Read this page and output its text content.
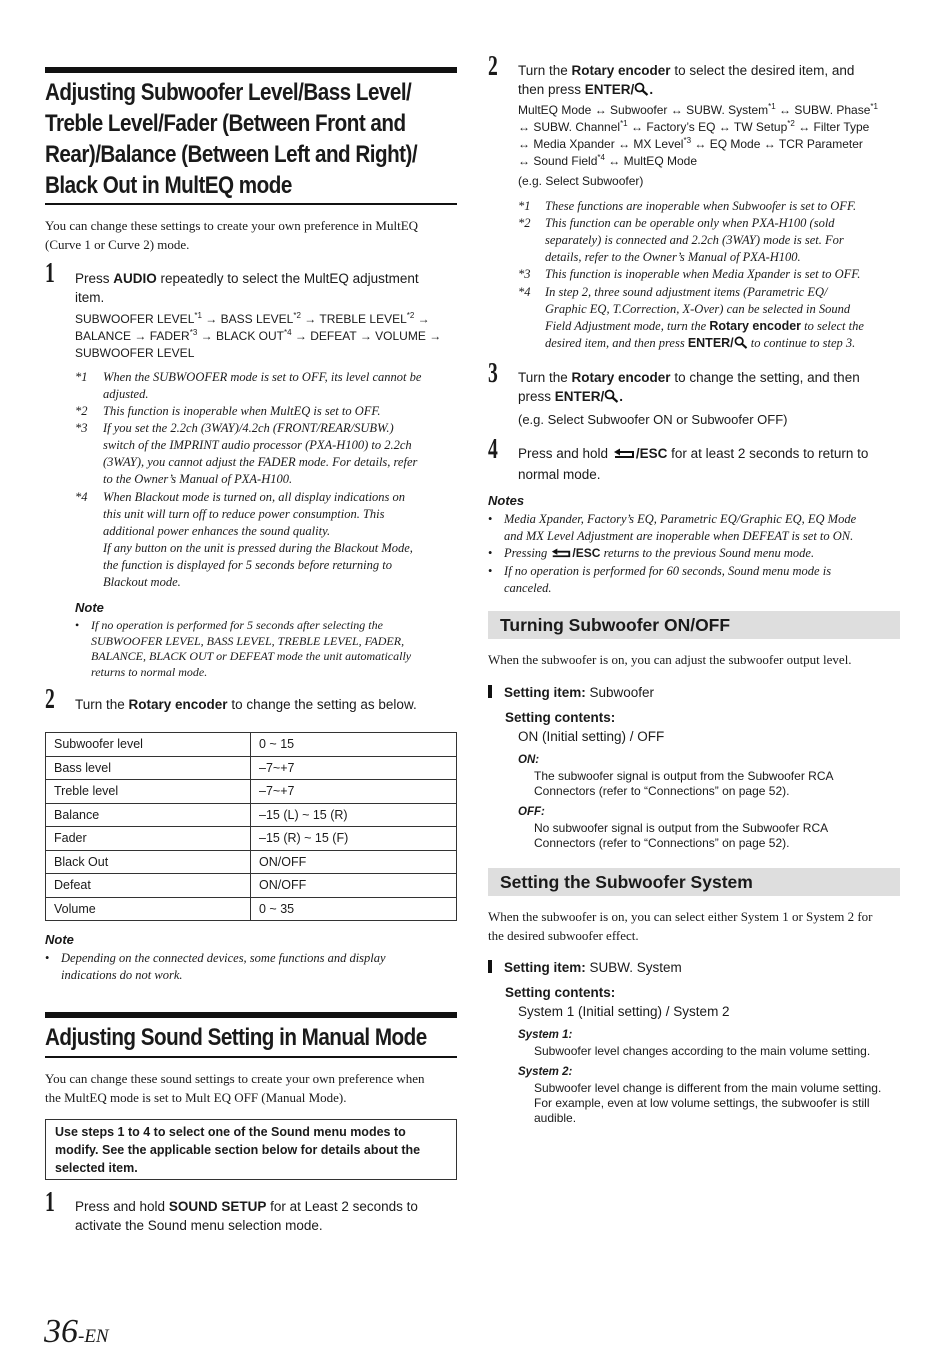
Adjusting Subwoofer Level/Bass Level/
Treble Level/Fader (Between Front and
Rear)/Balance (Between Left and Right)/
Black Out in MultEQ mode
You can change these settings to create your own preference in MultEQ
(Curve 1 or Curve 2) mode.
1 Press AUDIO repeatedly to select the MultEQ adjustment
item.
SUBWOOFER $LEVEL^{*1}$ → BASS $LEVEL^{*2}$ → TREBLE $LEVEL^{*2}$ →
BALANCE → $FADER^{*3}$ → BLACK $OUT^{*4}$ → DEFEAT → VOLUME →
SUBWOOFER LEVEL
*1 When the SUBWOOFER mode is set to OFF, its level cannot be
adjusted.
*2 This function is inoperable when MultEQ is set to OFF.
*3 If you set the 2.2ch (3WAY)/4.2ch (FRONT/REAR/SUBW.)
switch of the IMPRINT audio processor (PXA-H100) to 2.2ch
(3WAY), you cannot adjust the FADER mode. For details, refer
to the Owner’s Manual of PXA-H100.
*4 When Blackout mode is turned on, all display indications on
this unit will turn off to reduce power consumption. This
additional power enhances the sound quality.
If any button on the unit is pressed during the Blackout Mode,
the function is displayed for 5 seconds before returning to
Blackout mode.
Note
• If no operation is performed for 5 seconds after selecting the
SUBWOOFER LEVEL, BASS LEVEL, TREBLE LEVEL, FADER,
BALANCE, BLACK OUT or DEFEAT mode the unit automatically
returns to normal mode.
2 Turn the Rotary encoder to change the setting as below.
Subwoofer level	0 ~ 15
Bass level	–7~+7
Treble level	–7~+7
Balance	–15 (L) ~ 15 (R)
Fader	–15 (R) ~ 15 (F)
Black Out	ON/OFF
Defeat	ON/OFF
Volume	0 ~ 35
Note
• Depending on the connected devices, some functions and display
indications do not work.
Adjusting Sound Setting in Manual Mode
You can change these sound settings to create your own preference when
the MultEQ mode is set to Mult EQ OFF (Manual Mode).
Use steps 1 to 4 to select one of the Sound menu modes to
modify. See the applicable section below for details about the
selected item.
1 Press and hold SOUND SETUP for at Least 2 seconds to
activate the Sound menu selection mode.
36-EN
2 Turn the Rotary encoder to select the desired item, and
then press ENTER/ .
MultEQ Mode ↔ Subwoofer ↔ SUBW. System$^{*1}$ ↔ SUBW. Phase$^{*1}$
↔ SUBW. Channel$^{*1}$ ↔ Factory’s EQ ↔ TW Setup$^{*2}$ ↔ Filter Type
↔ Media Xpander ↔ MX Level$^{*3}$ ↔ EQ Mode ↔ TCR Parameter
↔ Sound Field$^{*4}$ ↔ MultEQ Mode
(e.g. Select Subwoofer)
*1 These functions are inoperable when Subwoofer is set to OFF.
*2 This function can be operable only when PXA-H100 (sold
separately) is connected and 2.2ch (3WAY) mode is set. For
details, refer to the Owner’s Manual of PXA-H100.
*3 This function is inoperable when Media Xpander is set to OFF.
*4 In step 2, three sound adjustment items (Parametric EQ/
Graphic EQ, T.Correction, X-Over) can be selected in Sound
Field Adjustment mode, turn the Rotary encoder to select the
desired item, and then press ENTER/ to continue to step 3.
3 Turn the Rotary encoder to change the setting, and then
press ENTER/ .
(e.g. Select Subwoofer ON or Subwoofer OFF)
4 Press and hold /ESC for at least 2 seconds to return to
normal mode.
Notes
• Media Xpander, Factory’s EQ, Parametric EQ/Graphic EQ, EQ Mode
and MX Level Adjustment are inoperable when DEFEAT is set to ON.
• Pressing /ESC returns to the previous Sound menu mode.
• If no operation is performed for 60 seconds, Sound menu mode is
canceled.
Turning Subwoofer ON/OFF
When the subwoofer is on, you can adjust the subwoofer output level.
Setting item: Subwoofer
Setting contents:
ON (Initial setting) / OFF
ON:
The subwoofer signal is output from the Subwoofer RCA
Connectors (refer to “Connections” on page 52).
OFF:
No subwoofer signal is output from the Subwoofer RCA
Connectors (refer to “Connections” on page 52).
Setting the Subwoofer System
When the subwoofer is on, you can select either System 1 or System 2 for
the desired subwoofer effect.
Setting item: SUBW. System
Setting contents:
System 1 (Initial setting) / System 2
System 1:
Subwoofer level changes according to the main volume setting.
System 2:
Subwoofer level change is different from the main volume setting.
For example, even at low volume settings, the subwoofer is still
audible.
